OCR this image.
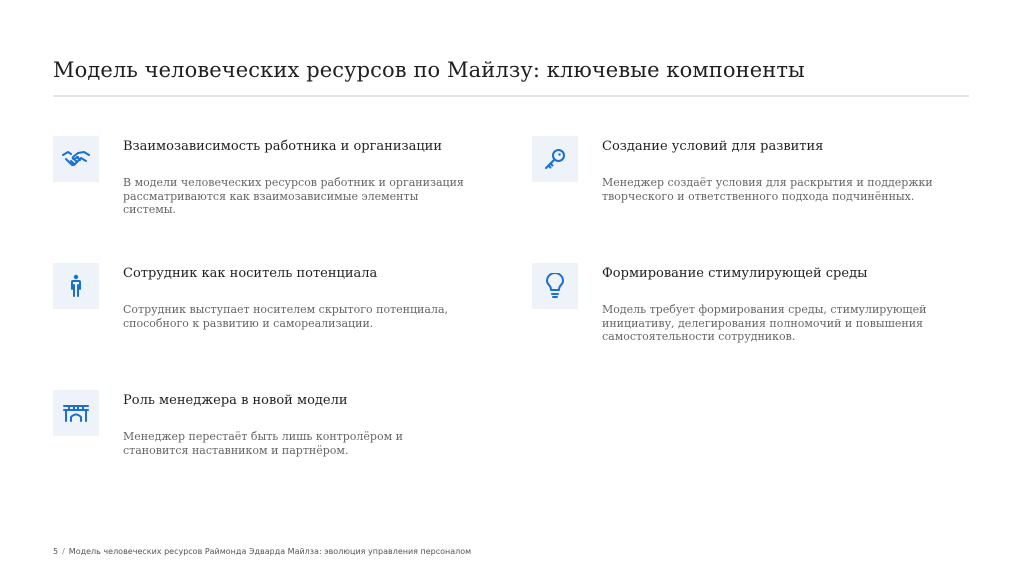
Модель человеческих ресурсов по Майлзу: ключевые компоненты
Взаимозависимость работника и организации

В модели человеческих ресурсов работник и организация рассматриваются как взаимозависимые элементы системы.

Создание условий для развития

Менеджер создаёт условия для раскрытия и поддержки творческого и ответственного подхода подчинённых.

Сотрудник как носитель потенциала

Сотрудник выступает носителем скрытого потенциала, способного к развитию и самореализации.

Формирование стимулирующей среды

Модель требует формирования среды, стимулирующей инициативу, делегирования полномочий и повышения самостоятельности сотрудников.

Роль менеджера в новой модели

Менеджер перестаёт быть лишь контролёром и становится наставником и партнёром.

5 / Модель человеческих ресурсов Раймонда Эдварда Майлза: эволюция управления персоналом
